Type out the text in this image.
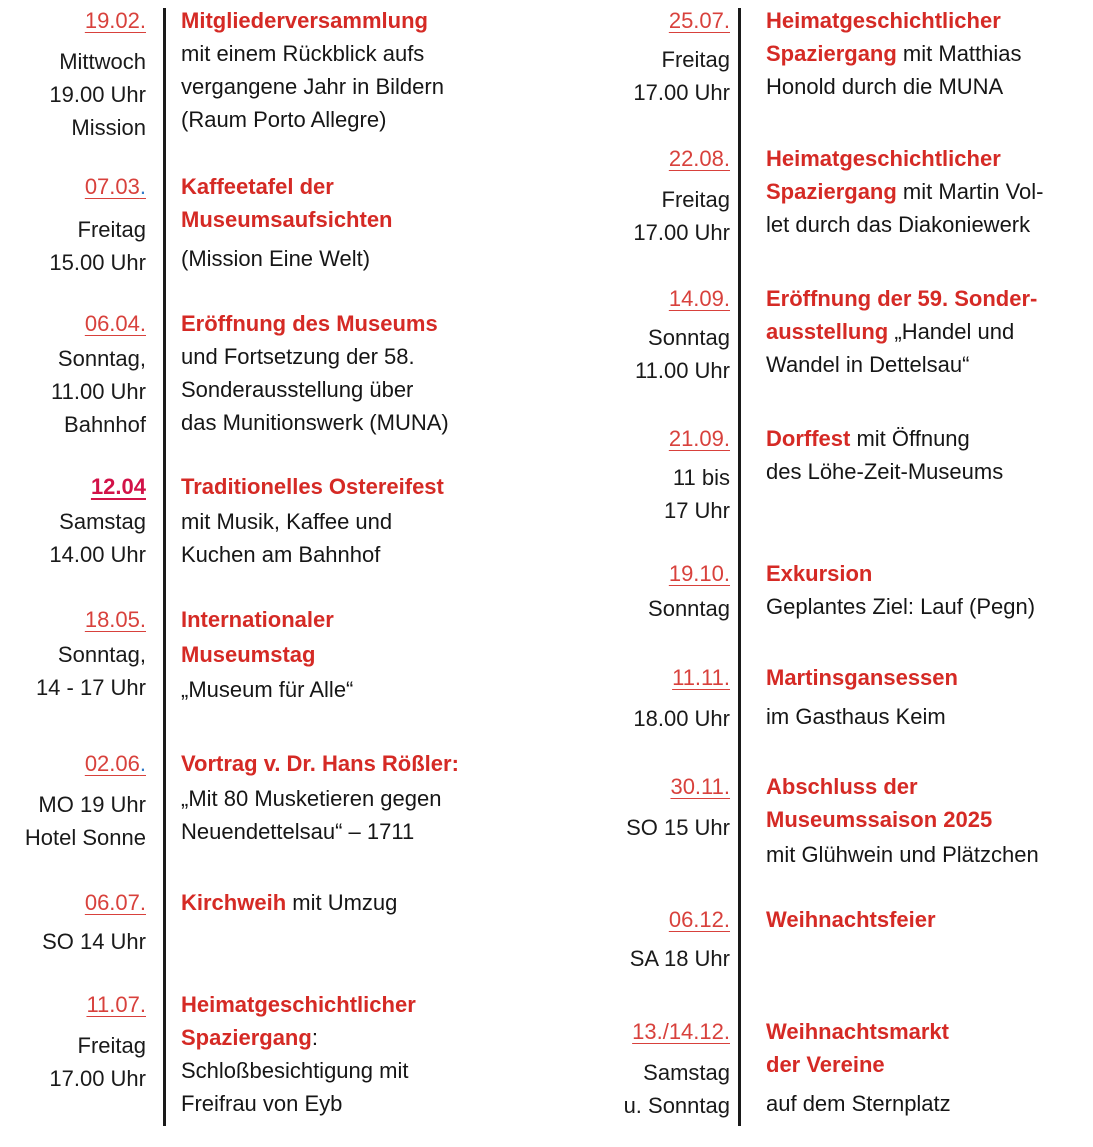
19.02.
Mittwoch
19.00 Uhr
Mission
Mitgliederversammlung
mit einem Rückblick aufs
vergangene Jahr in Bildern
(Raum Porto Allegre)
07.03.
Freitag
15.00 Uhr
Kaffeetafel der
Museumsaufsichten
(Mission Eine Welt)
06.04.
Sonntag,
11.00 Uhr
Bahnhof
Eröffnung des Museums
und Fortsetzung der 58.
Sonderausstellung über
das Munitionswerk (MUNA)
12.04
Samstag
14.00 Uhr
Traditionelles Ostereifest
mit Musik, Kaffee und
Kuchen am Bahnhof
18.05.
Sonntag,
14 - 17 Uhr
Internationaler
Museumstag
„Museum für Alle“
02.06.
MO 19 Uhr
Hotel Sonne
Vortrag v. Dr. Hans Rößler:
„Mit 80 Musketieren gegen
Neuendettelsau“ – 1711
06.07.
SO 14 Uhr
Kirchweih mit Umzug
11.07.
Freitag
17.00 Uhr
Heimatgeschichtlicher
Spaziergang:
Schloßbesichtigung mit
Freifrau von Eyb
25.07.
Freitag
17.00 Uhr
Heimatgeschichtlicher
Spaziergang mit Matthias
Honold durch die MUNA
22.08.
Freitag
17.00 Uhr
Heimatgeschichtlicher
Spaziergang mit Martin Vol-
let durch das Diakoniewerk
14.09.
Sonntag
11.00 Uhr
Eröffnung der 59. Sonder-
ausstellung „Handel und
Wandel in Dettelsau“
21.09.
11 bis
17 Uhr
Dorffest mit Öffnung
des Löhe-Zeit-Museums
19.10.
Sonntag
Exkursion
Geplantes Ziel: Lauf (Pegn)
11.11.
18.00 Uhr
Martinsgansessen
im Gasthaus Keim
30.11.
SO 15 Uhr
Abschluss der
Museumssaison 2025
mit Glühwein und Plätzchen
06.12.
SA 18 Uhr
Weihnachtsfeier
13./14.12.
Samstag
u. Sonntag
Weihnachtsmarkt
der Vereine
auf dem Sternplatz
